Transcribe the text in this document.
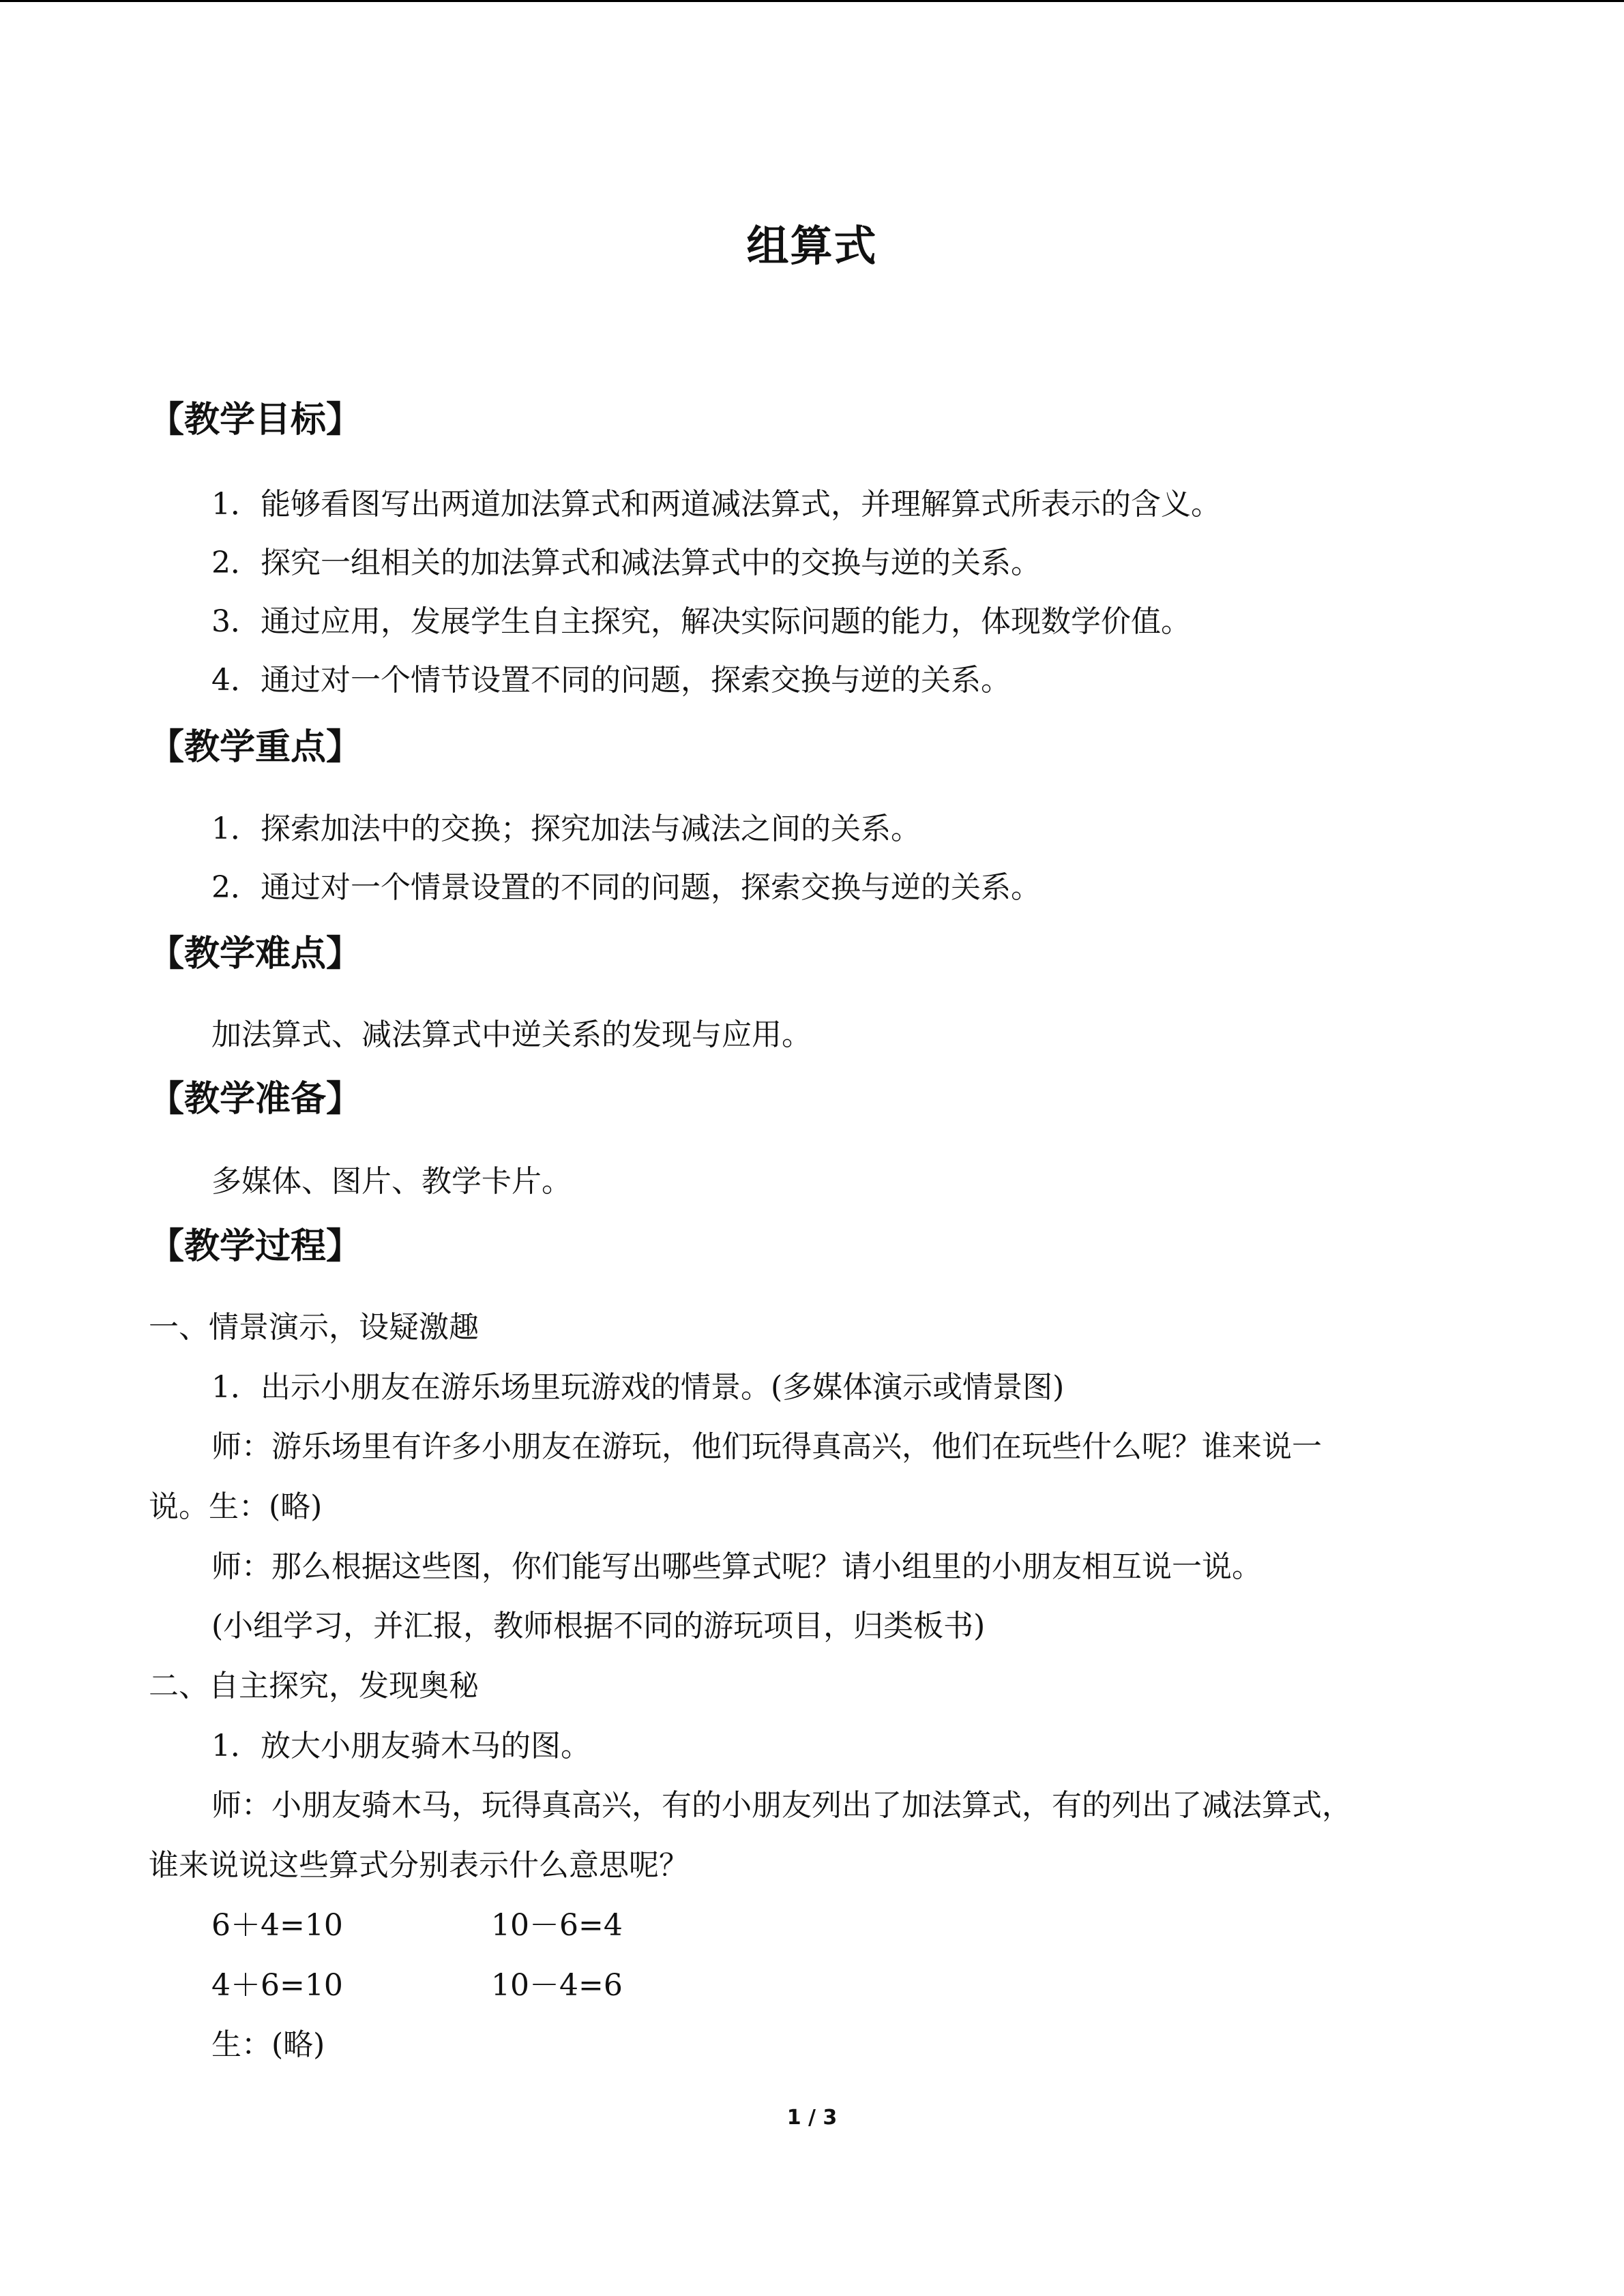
组算式
【教学目标】
1．能够看图写出两道加法算式和两道减法算式，并理解算式所表示的含义。
2．探究一组相关的加法算式和减法算式中的交换与逆的关系。
3．通过应用，发展学生自主探究，解决实际问题的能力，体现数学价值。
4．通过对一个情节设置不同的问题，探索交换与逆的关系。
【教学重点】
1．探索加法中的交换；探究加法与减法之间的关系。
2．通过对一个情景设置的不同的问题，探索交换与逆的关系。
【教学难点】
加法算式、减法算式中逆关系的发现与应用。
【教学准备】
多媒体、图片、教学卡片。
【教学过程】
一、情景演示，设疑激趣
1．出示小朋友在游乐场里玩游戏的情景。(多媒体演示或情景图)
师：游乐场里有许多小朋友在游玩，他们玩得真高兴，他们在玩些什么呢？谁来说一
说。生：(略)
师：那么根据这些图，你们能写出哪些算式呢？请小组里的小朋友相互说一说。
(小组学习，并汇报，教师根据不同的游玩项目，归类板书)
二、自主探究，发现奥秘
1．放大小朋友骑木马的图。
师：小朋友骑木马，玩得真高兴，有的小朋友列出了加法算式，有的列出了减法算式，
谁来说说这些算式分别表示什么意思呢？
6＋4=10	10－6=4
4＋6=10	10－4=6
生：(略)
1 / 3
